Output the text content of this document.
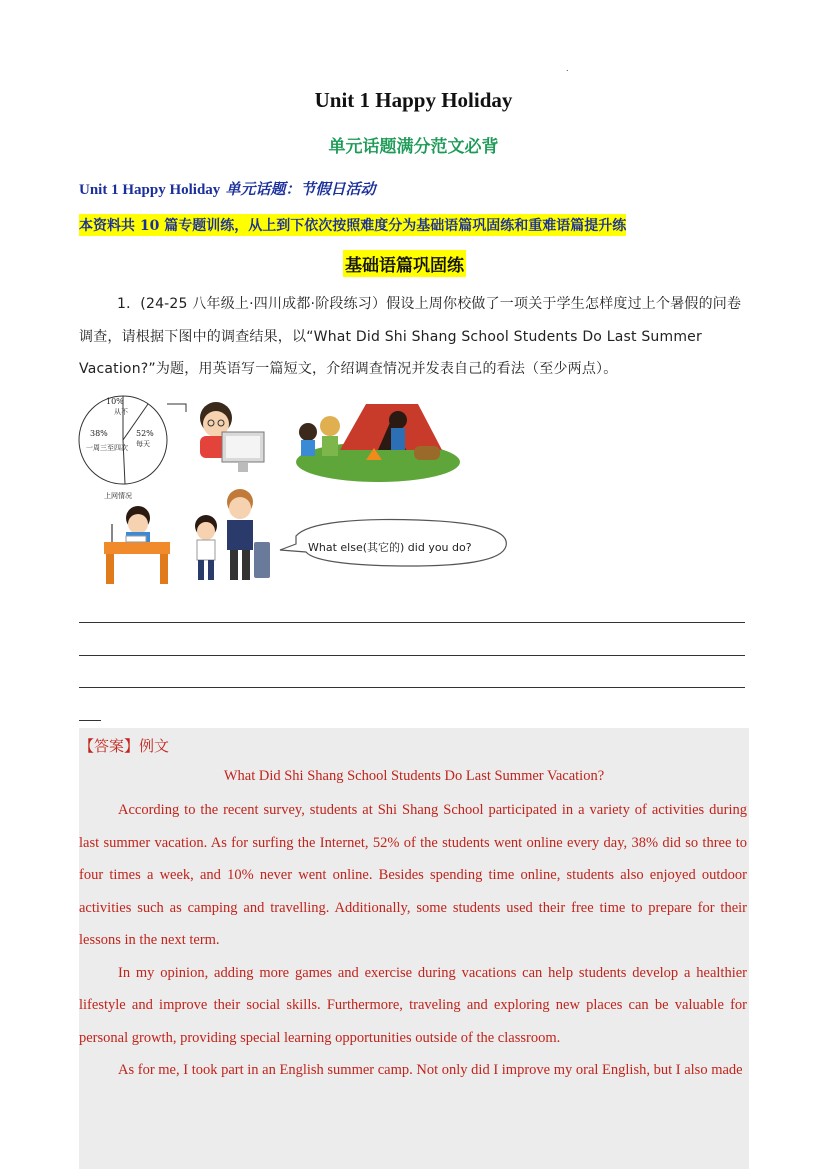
.
Unit 1 Happy Holiday
单元话题满分范文必背
Unit 1 Happy Holiday 单元话题：节假日活动
本资料共 10 篇专题训练，从上到下依次按照难度分为基础语篇巩固练和重难语篇提升练
基础语篇巩固练
1．(24-25 八年级上·四川成都·阶段练习）假设上周你校做了一项关于学生怎样度过上个暑假的问卷调查，请根据下图中的调查结果，以“What Did Shi Shang School Students Do Last Summer Vacation?”为题，用英语写一篇短文，介绍调查情况并发表自己的看法（至少两点）。
10%
从不
52%
每天
38%
一周三至四次
上网情况
What else(其它的) did you do?
【答案】例文
What Did Shi Shang School Students Do Last Summer Vacation?

According to the recent survey, students at Shi Shang School participated in a variety of activities during last summer vacation. As for surfing the Internet, 52% of the students went online every day, 38% did so three to four times a week, and 10% never went online. Besides spending time online, students also enjoyed outdoor activities such as camping and travelling. Additionally, some students used their free time to prepare for their lessons in the next term.

In my opinion, adding more games and exercise during vacations can help students develop a healthier lifestyle and improve their social skills. Furthermore, traveling and exploring new places can be valuable for personal growth, providing special learning opportunities outside of the classroom.

As for me, I took part in an English summer camp. Not only did I improve my oral English, but I also made
